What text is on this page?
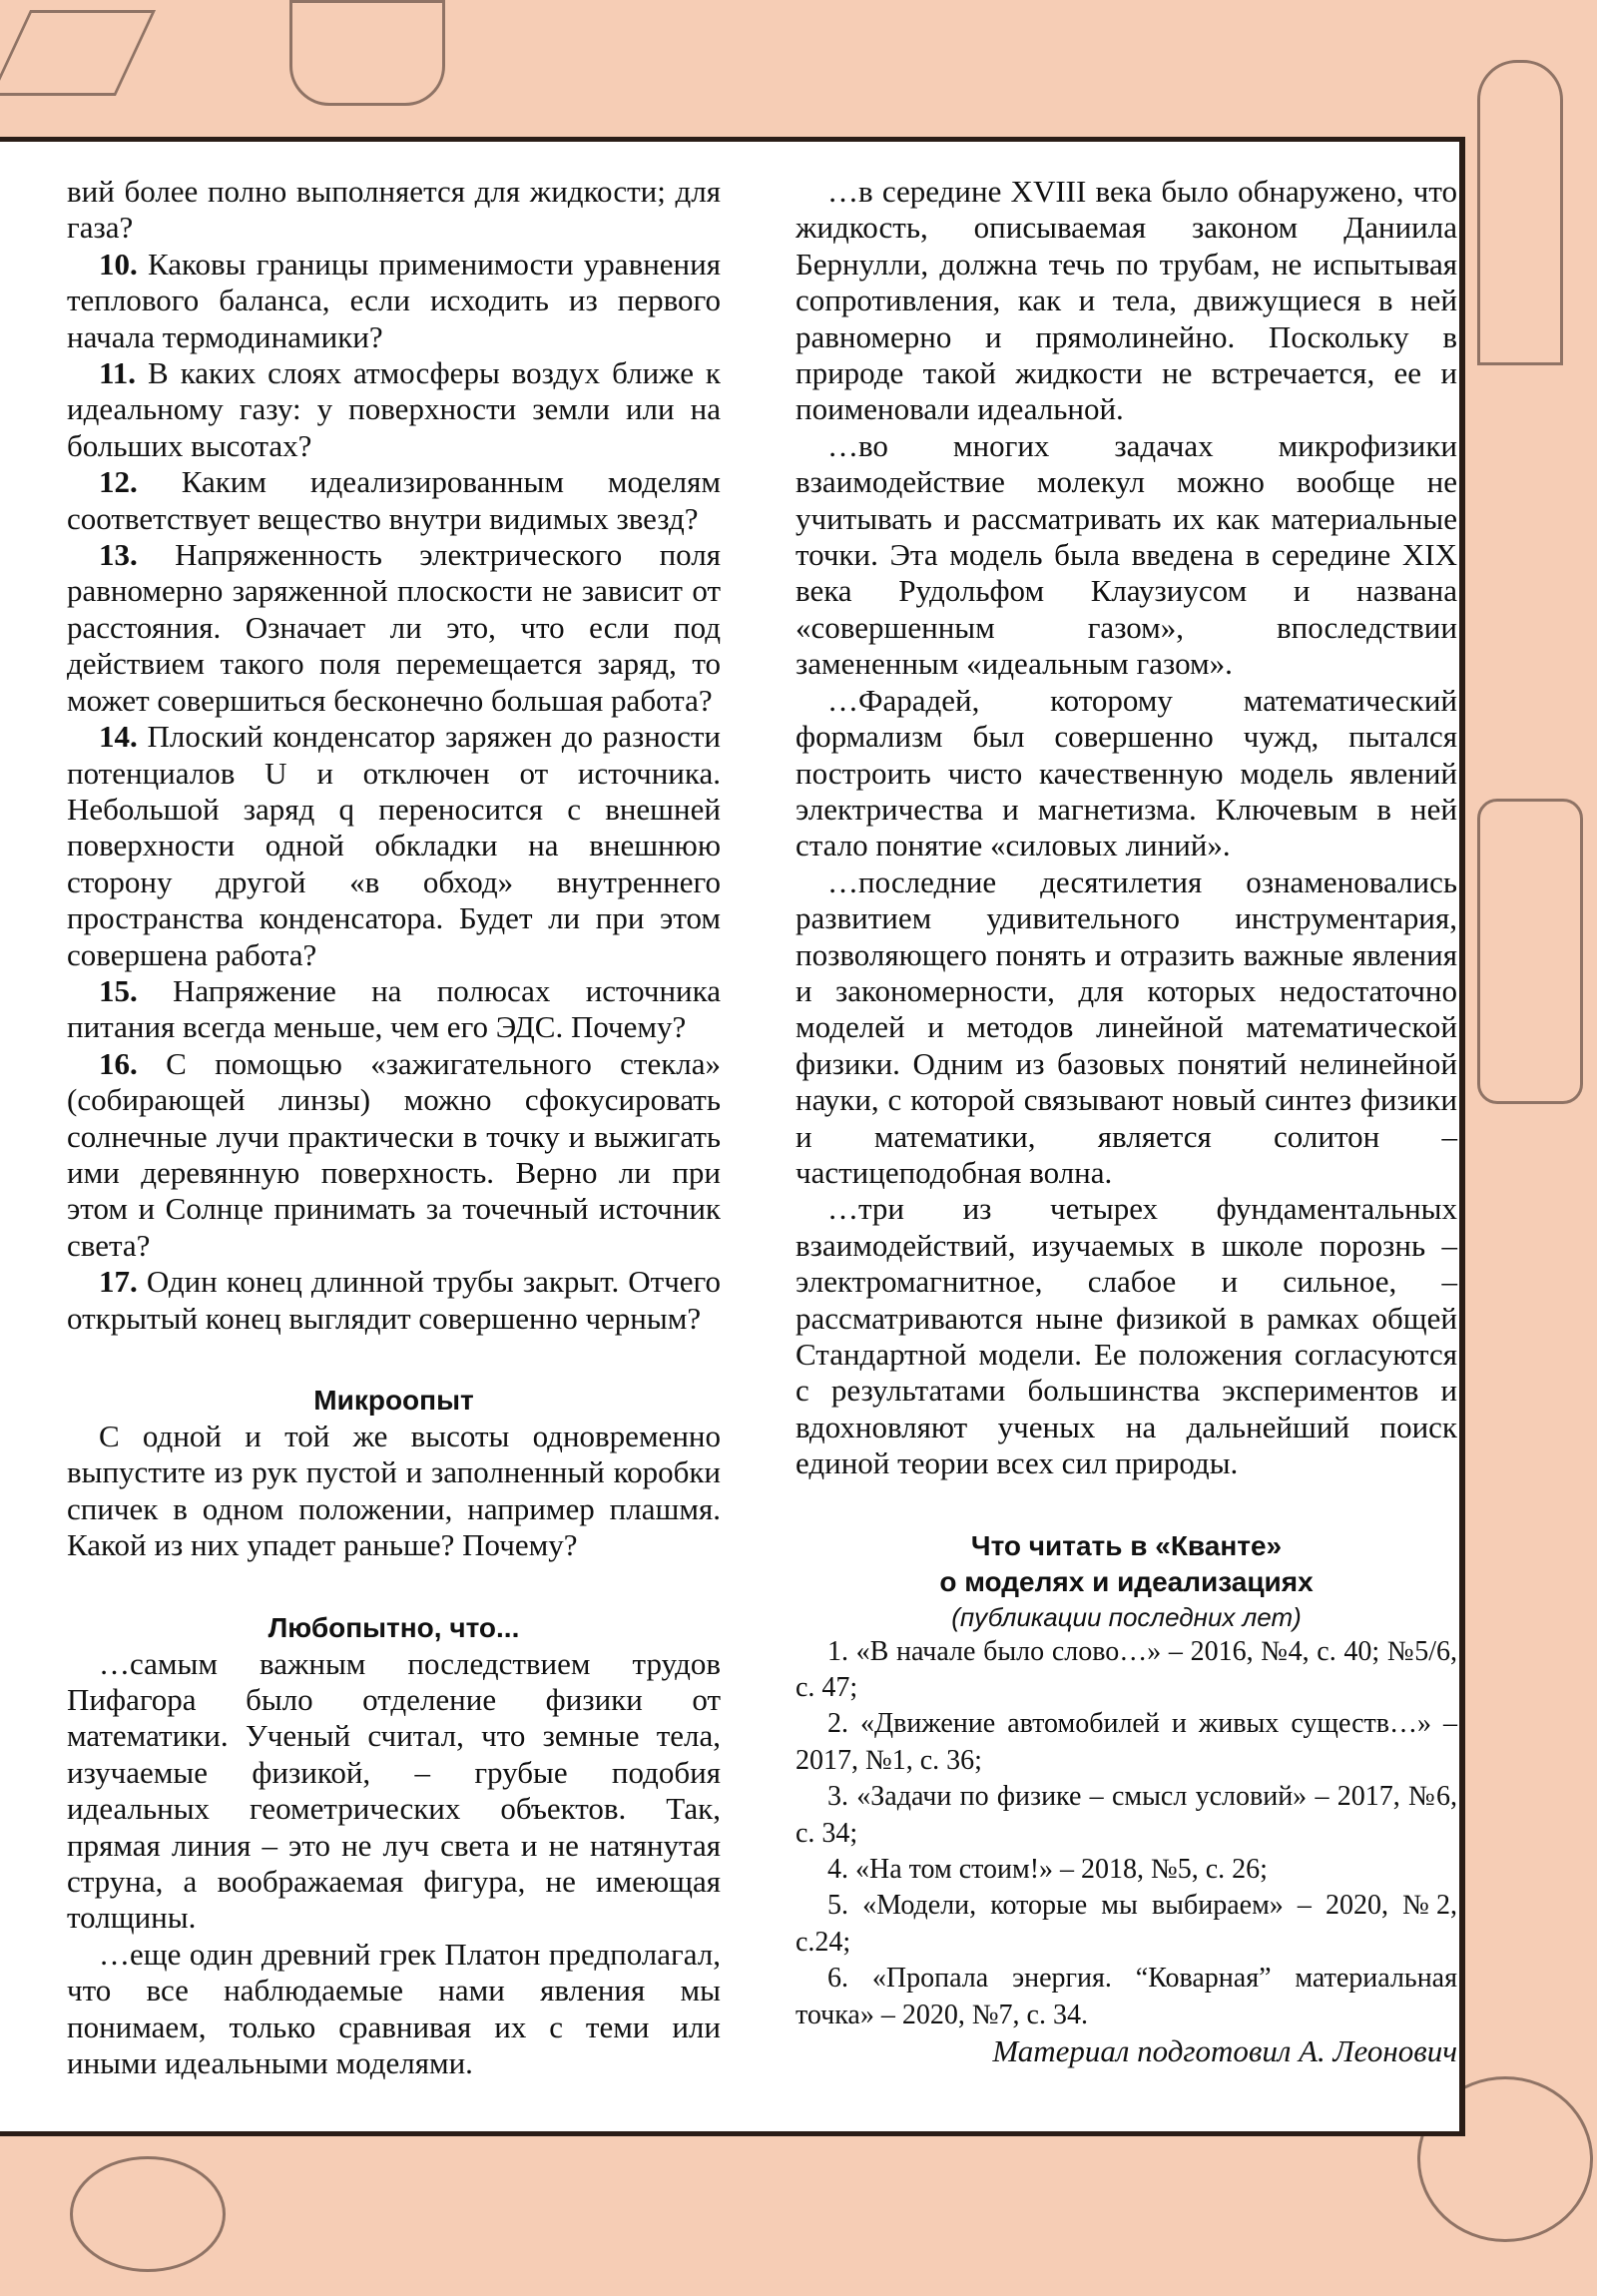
вий более полно выполняется для жидкости; для газа?

10. Каковы границы применимости уравнения теплового баланса, если исходить из первого начала термодинамики?

11. В каких слоях атмосферы воздух ближе к идеальному газу: у поверхности земли или на больших высотах?

12. Каким идеализированным моделям соответствует вещество внутри видимых звезд?

13. Напряженность электрического поля равномерно заряженной плоскости не зависит от расстояния. Означает ли это, что если под действием такого поля перемещается заряд, то может совершиться бесконечно большая работа?

14. Плоский конденсатор заряжен до разности потенциалов U и отключен от источника. Небольшой заряд q переносится с внешней поверхности одной обкладки на внешнюю сторону другой «в обход» внутреннего пространства конденсатора. Будет ли при этом совершена работа?

15. Напряжение на полюсах источника питания всегда меньше, чем его ЭДС. Почему?

16. С помощью «зажигательного стекла» (собирающей линзы) можно сфокусировать солнечные лучи практически в точку и выжигать ими деревянную поверхность. Верно ли при этом и Солнце принимать за точечный источник света?

17. Один конец длинной трубы закрыт. Отчего открытый конец выглядит совершенно черным?

Микроопыт

С одной и той же высоты одновременно выпустите из рук пустой и заполненный коробки спичек в одном положении, например плашмя. Какой из них упадет раньше? Почему?

Любопытно, что...

…самым важным последствием трудов Пифагора было отделение физики от математики. Ученый считал, что земные тела, изучаемые физикой, – грубые подобия идеальных геометрических объектов. Так, прямая линия – это не луч света и не натянутая струна, а воображаемая фигура, не имеющая толщины.

…еще один древний грек Платон предполагал, что все наблюдаемые нами явления мы понимаем, только сравнивая их с теми или иными идеальными моделями.

…в середине XVIII века было обнаружено, что жидкость, описываемая законом Даниила Бернулли, должна течь по трубам, не испытывая сопротивления, как и тела, движущиеся в ней равномерно и прямолинейно. Поскольку в природе такой жидкости не встречается, ее и поименовали идеальной.

…во многих задачах микрофизики взаимодействие молекул можно вообще не учитывать и рассматривать их как материальные точки. Эта модель была введена в середине XIX века Рудольфом Клаузиусом и названа «совершенным газом», впоследствии замененным «идеальным газом».

…Фарадей, которому математический формализм был совершенно чужд, пытался построить чисто качественную модель явлений электричества и магнетизма. Ключевым в ней стало понятие «силовых линий».

…последние десятилетия ознаменовались развитием удивительного инструментария, позволяющего понять и отразить важные явления и закономерности, для которых недостаточно моделей и методов линейной математической физики. Одним из базовых понятий нелинейной науки, с которой связывают новый синтез физики и математики, является солитон – частицеподобная волна.

…три из четырех фундаментальных взаимодействий, изучаемых в школе порознь – электромагнитное, слабое и сильное, – рассматриваются ныне физикой в рамках общей Стандартной модели. Ее положения согласуются с результатами большинства экспериментов и вдохновляют ученых на дальнейший поиск единой теории всех сил природы.

Что читать в «Кванте»
о моделях и идеализациях
(публикации последних лет)

1. «В начале было слово…» – 2016, №4, с. 40; №5/6, с. 47;

2. «Движение автомобилей и живых существ…» – 2017, №1, с. 36;

3. «Задачи по физике – смысл условий» – 2017, №6, с. 34;

4. «На том стоим!» – 2018, №5, с. 26;

5. «Модели, которые мы выбираем» – 2020, №2, с.24;

6. «Пропала энергия. “Коварная” материальная точка» – 2020, №7, с. 34.

Материал подготовил А. Леонович
